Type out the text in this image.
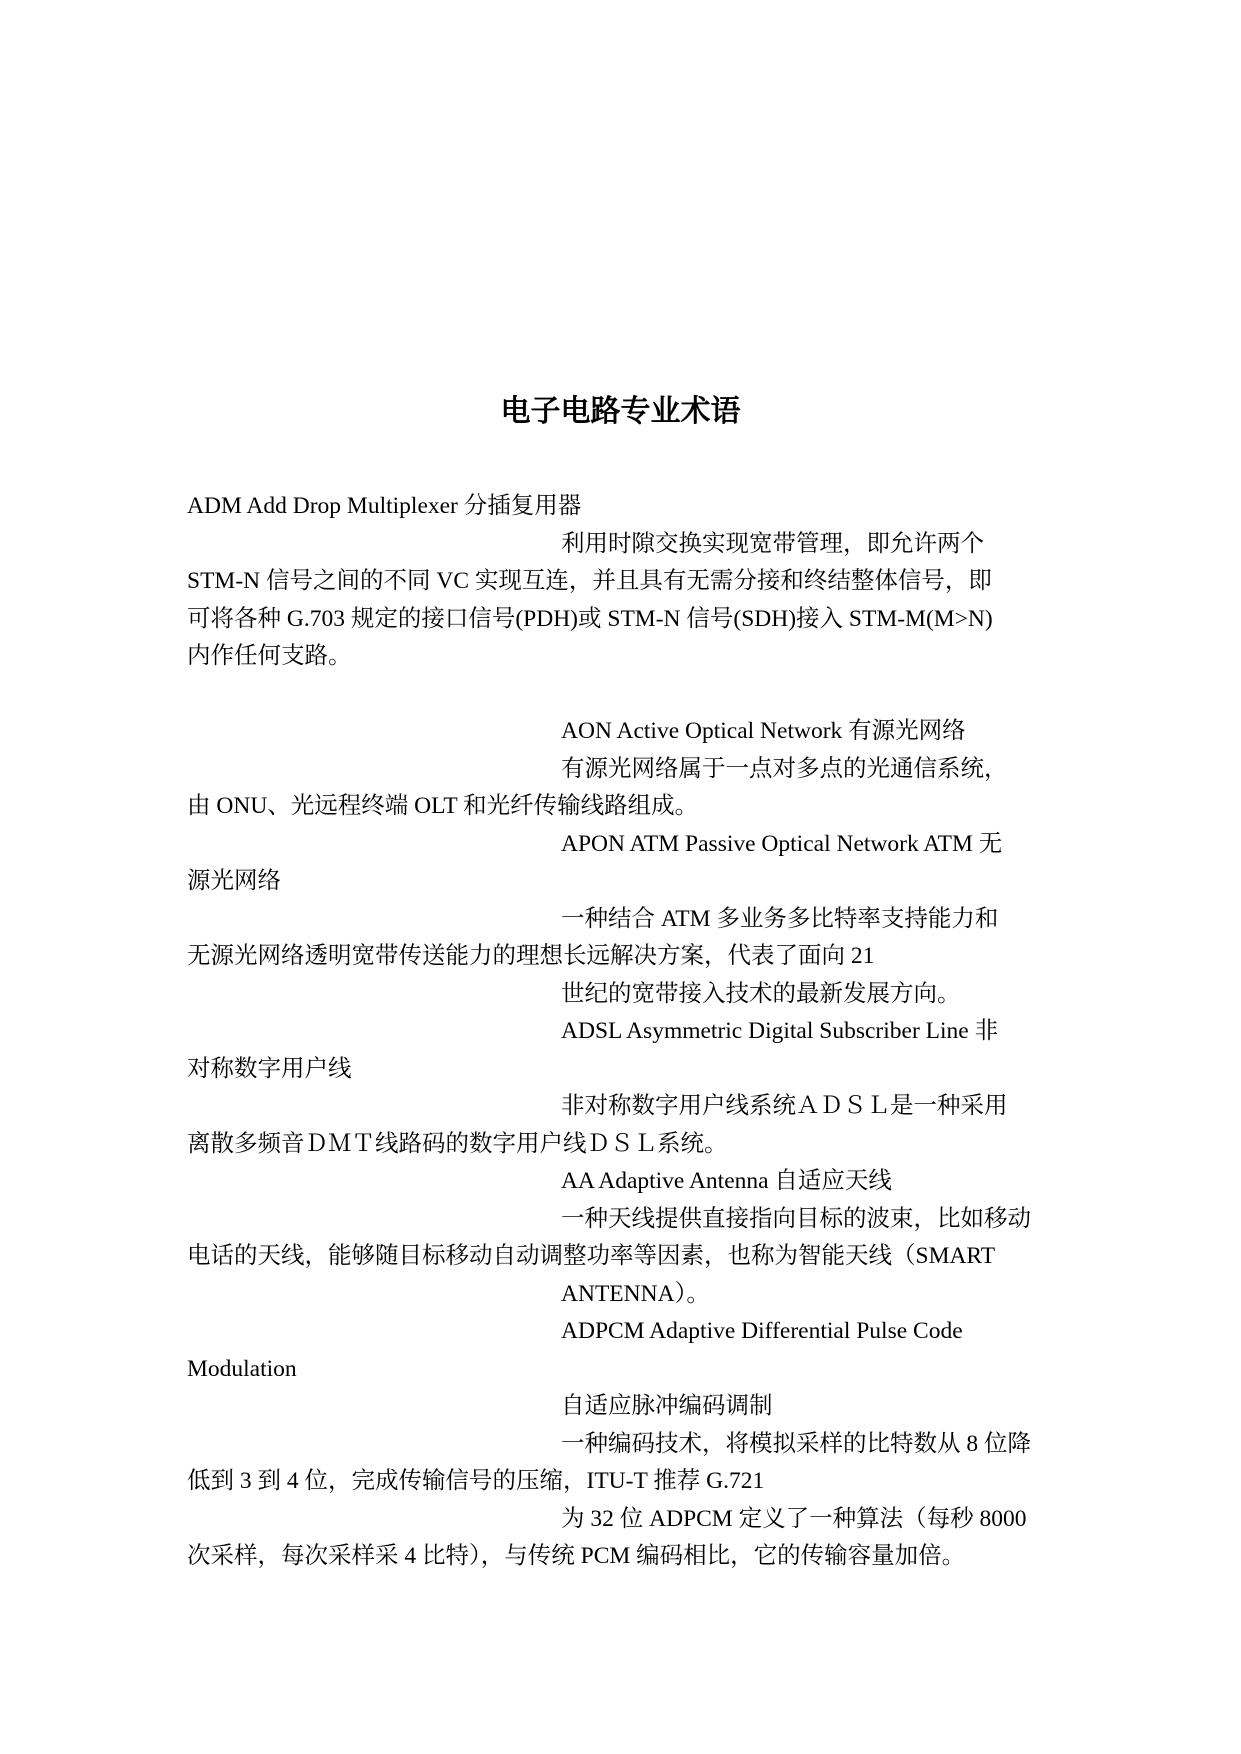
电子电路专业术语
ADM Add Drop Multiplexer 分插复用器
利用时隙交换实现宽带管理，即允许两个
STM-N 信号之间的不同 VC 实现互连，并且具有无需分接和终结整体信号，即
可将各种 G.703 规定的接口信号(PDH)或 STM-N 信号(SDH)接入 STM-M(M>N)
内作任何支路。
AON Active Optical Network 有源光网络
有源光网络属于一点对多点的光通信系统，
由 ONU、光远程终端 OLT 和光纤传输线路组成。
APON ATM Passive Optical Network ATM 无
源光网络
一种结合 ATM 多业务多比特率支持能力和
无源光网络透明宽带传送能力的理想长远解决方案，代表了面向 21
世纪的宽带接入技术的最新发展方向。
ADSL Asymmetric Digital Subscriber Line 非
对称数字用户线
非对称数字用户线系统ＡＤＳＬ是一种采用
离散多频音ＤＭＴ线路码的数字用户线ＤＳＬ系统。
AA Adaptive Antenna 自适应天线
一种天线提供直接指向目标的波束，比如移动
电话的天线，能够随目标移动自动调整功率等因素，也称为智能天线（SMART
ANTENNA）。
ADPCM Adaptive Differential Pulse Code
Modulation
自适应脉冲编码调制
一种编码技术，将模拟采样的比特数从 8 位降
低到 3 到 4 位，完成传输信号的压缩，ITU-T 推荐 G.721
为 32 位 ADPCM 定义了一种算法（每秒 8000
次采样，每次采样采 4 比特），与传统 PCM 编码相比，它的传输容量加倍。
